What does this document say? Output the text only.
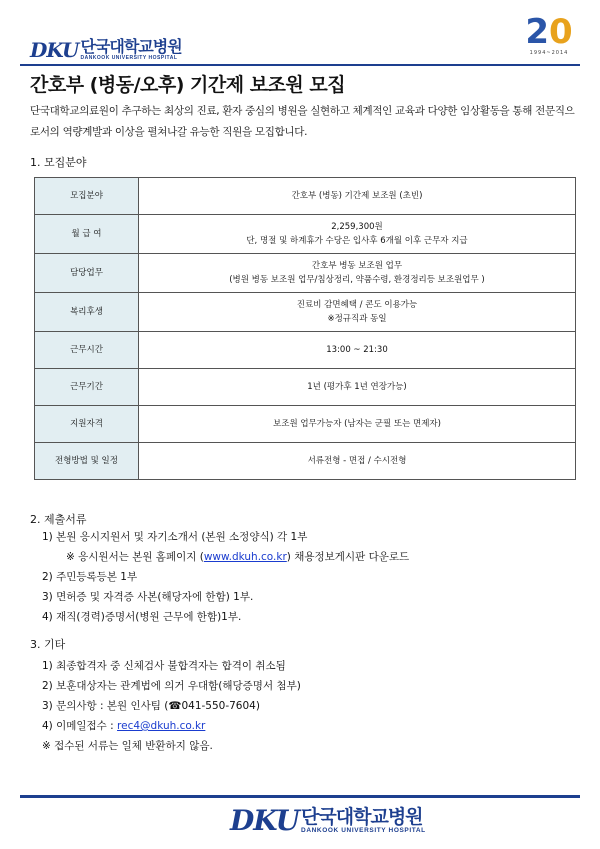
DKU 단국대학교병원
DANKOOK UNIVERSITY HOSPITAL
20
1994~2014
간호부 (병동/오후) 기간제 보조원 모집
단국대학교의료원이 추구하는 최상의 진료, 환자 중심의 병원을 실현하고 체계적인 교육과 다양한 임상활동을 통해 전문직으로서의 역량계발과 이상을 펼쳐나갈 유능한 직원을 모집합니다.
1. 모집분야
모집분야	간호부 (병동) 기간제 보조원 (초빈)

월 급 여	2,259,300원
단, 명절 및 하계휴가 수당은 입사후 6개월 이후 근무자 지급

담당업무	간호부 병동 보조원 업무
(병원 병동 보조원 업무/침상정리, 약품수령, 환경정리등 보조원업무 )

복리후생	진료비 감면혜택 / 콘도 이용가능
※정규직과 동일

근무시간	13:00 ~ 21:30

근무기간	1년 (평가후 1년 연장가능)

지원자격	보조원 업무가능자 (남자는 군필 또는 면제자)

전형방법 및 일정	서류전형 - 면접 / 수시전형
2. 제출서류
1) 본원 응시지원서 및 자기소개서 (본원 소정양식) 각 1부
※ 응시원서는 본원 홈페이지 (www.dkuh.co.kr) 채용정보게시판 다운로드
2) 주민등록등본 1부
3) 면허증 및 자격증 사본(해당자에 한함) 1부.
4) 재직(경력)증명서(병원 근무에 한함)1부.
3. 기타
1) 최종합격자 중 신체검사 불합격자는 합격이 취소됨
2) 보훈대상자는 관계법에 의거 우대함(해당증명서 첨부)
3) 문의사항 : 본원 인사팀 (☎041-550-7604)
4) 이메일접수 : rec4@dkuh.co.kr
※ 접수된 서류는 일체 반환하지 않음.
DKU 단국대학교병원
DANKOOK UNIVERSITY HOSPITAL
